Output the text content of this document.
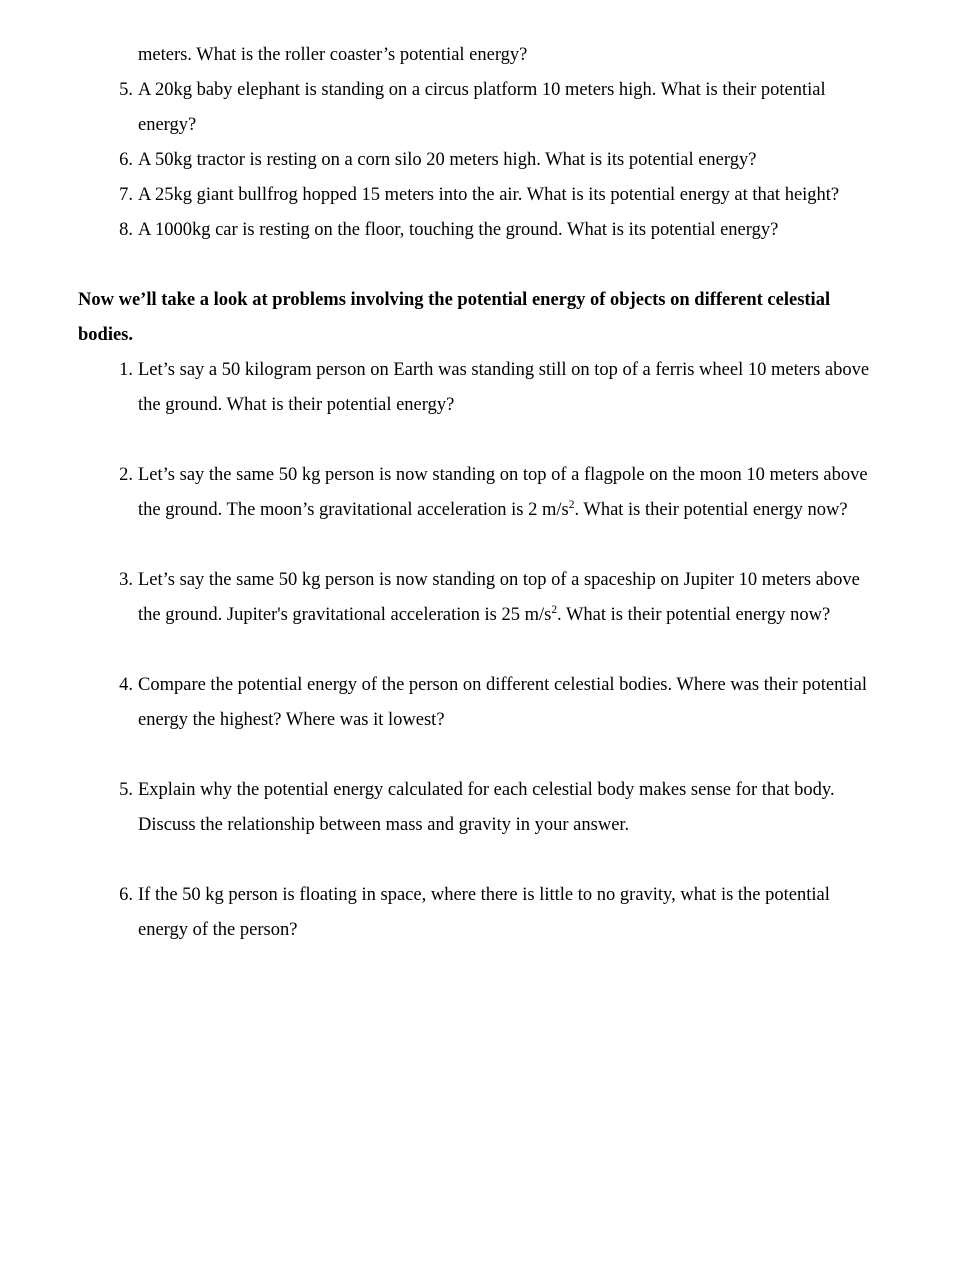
meters. What is the roller coaster’s potential energy?

5. A 20kg baby elephant is standing on a circus platform 10 meters high. What is their potential energy?
6. A 50kg tractor is resting on a corn silo 20 meters high. What is its potential energy?
7. A 25kg giant bullfrog hopped 15 meters into the air. What is its potential energy at that height?
8. A 1000kg car is resting on the floor, touching the ground. What is its potential energy?

Now we’ll take a look at problems involving the potential energy of objects on different celestial bodies.

1. Let’s say a 50 kilogram person on Earth was standing still on top of a ferris wheel 10 meters above the ground. What is their potential energy?
2. Let’s say the same 50 kg person is now standing on top of a flagpole on the moon 10 meters above the ground. The moon’s gravitational acceleration is 2 $m/s^2$. What is their potential energy now?
3. Let’s say the same 50 kg person is now standing on top of a spaceship on Jupiter 10 meters above the ground. Jupiter's gravitational acceleration is 25 $m/s^2$. What is their potential energy now?
4. Compare the potential energy of the person on different celestial bodies. Where was their potential energy the highest? Where was it lowest?
5. Explain why the potential energy calculated for each celestial body makes sense for that body. Discuss the relationship between mass and gravity in your answer.
6. If the 50 kg person is floating in space, where there is little to no gravity, what is the potential energy of the person?
